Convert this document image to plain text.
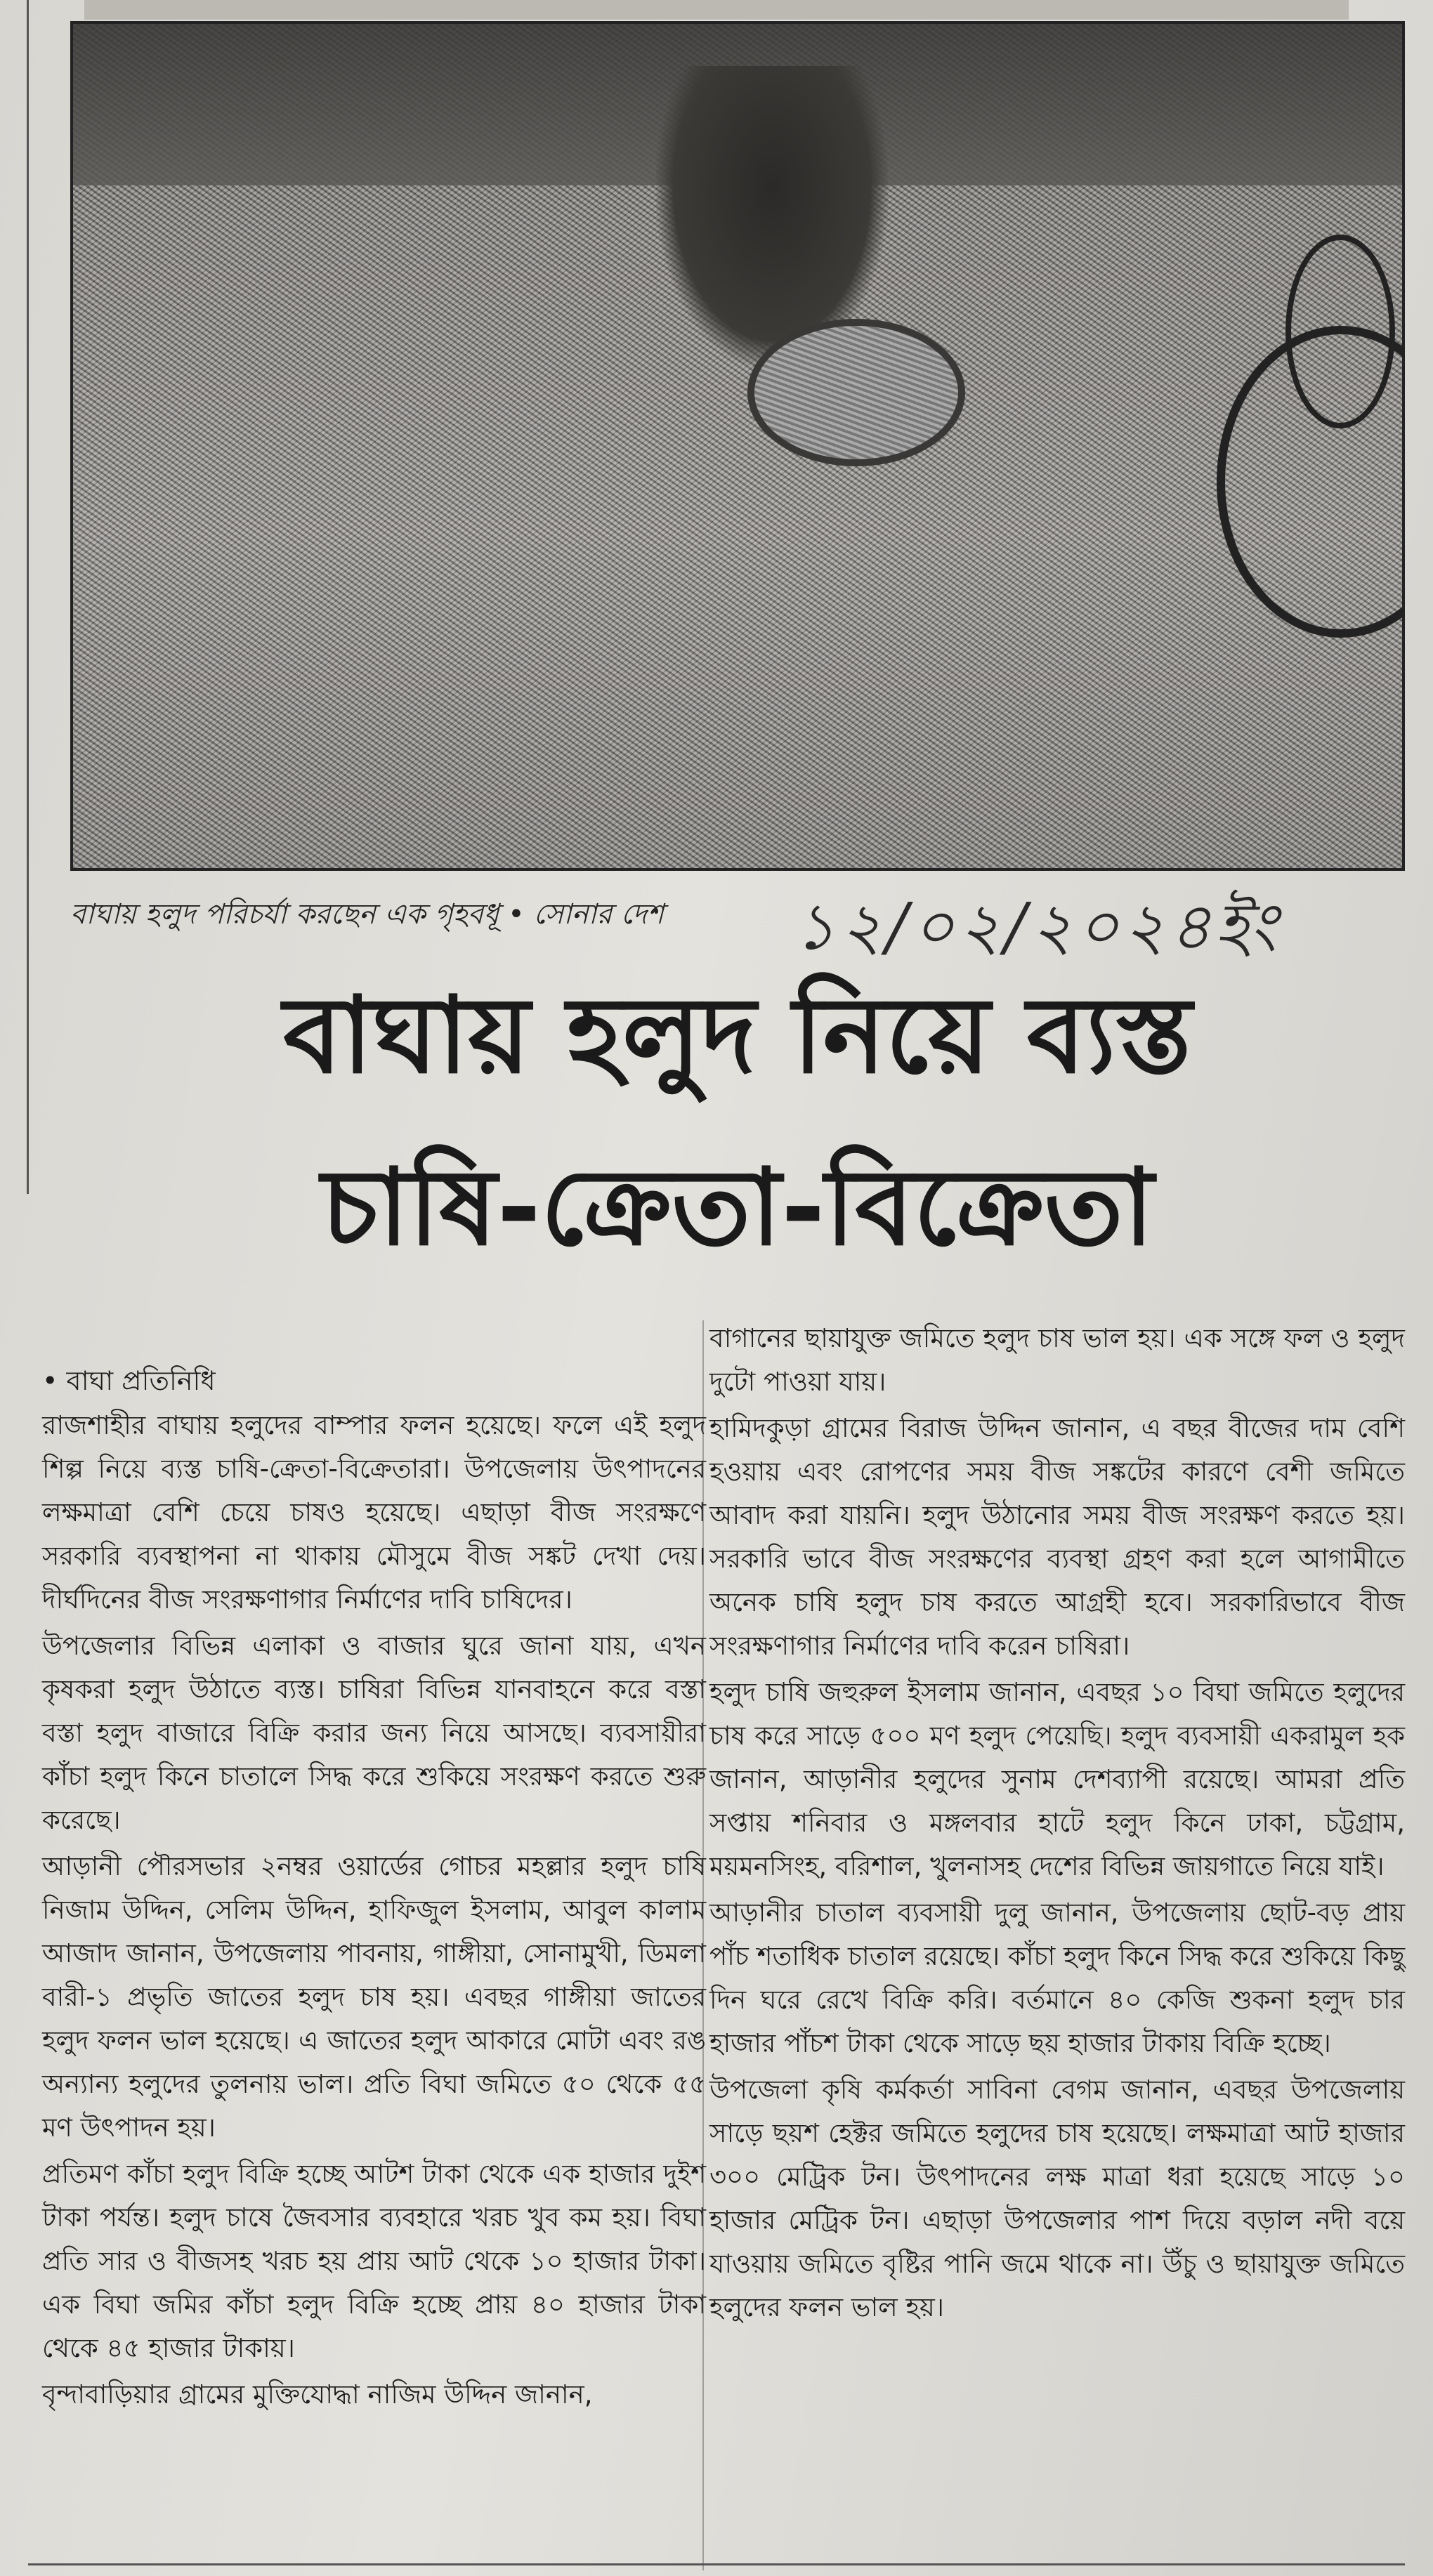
বাঘায় হলুদ পরিচর্যা করছেন এক গৃহবধূ • সোনার দেশ ১২/০২/২০২৪ইং
বাঘায় হলুদ নিয়ে ব্যস্ত
চাষি-ক্রেতা-বিক্রেতা

• বাঘা প্রতিনিধি

রাজশাহীর বাঘায় হলুদের বাম্পার ফলন হয়েছে। ফলে এই হলুদ শিল্প নিয়ে ব্যস্ত চাষি-ক্রেতা-বিক্রেতারা। উপজেলায় উৎপাদনের লক্ষমাত্রা বেশি চেয়ে চাষও হয়েছে। এছাড়া বীজ সংরক্ষণে সরকারি ব্যবস্থাপনা না থাকায় মৌসুমে বীজ সঙ্কট দেখা দেয়। দীর্ঘদিনের বীজ সংরক্ষণাগার নির্মাণের দাবি চাষিদের।

উপজেলার বিভিন্ন এলাকা ও বাজার ঘুরে জানা যায়, এখন কৃষকরা হলুদ উঠাতে ব্যস্ত। চাষিরা বিভিন্ন যানবাহনে করে বস্তা বস্তা হলুদ বাজারে বিক্রি করার জন্য নিয়ে আসছে। ব্যবসায়ীরা কাঁচা হলুদ কিনে চাতালে সিদ্ধ করে শুকিয়ে সংরক্ষণ করতে শুরু করেছে।

আড়ানী পৌরসভার ২নম্বর ওয়ার্ডের গোচর মহল্লার হলুদ চাষি নিজাম উদ্দিন, সেলিম উদ্দিন, হাফিজুল ইসলাম, আবুল কালাম আজাদ জানান, উপজেলায় পাবনায়, গাঙ্গীয়া, সোনামুখী, ডিমলা বারী-১ প্রভৃতি জাতের হলুদ চাষ হয়। এবছর গাঙ্গীয়া জাতের হলুদ ফলন ভাল হয়েছে। এ জাতের হলুদ আকারে মোটা এবং রঙ অন্যান্য হলুদের তুলনায় ভাল। প্রতি বিঘা জমিতে ৫০ থেকে ৫৫ মণ উৎপাদন হয়।

প্রতিমণ কাঁচা হলুদ বিক্রি হচ্ছে আটশ টাকা থেকে এক হাজার দুইশ টাকা পর্যন্ত। হলুদ চাষে জৈবসার ব্যবহারে খরচ খুব কম হয়। বিঘা প্রতি সার ও বীজসহ খরচ হয় প্রায় আট থেকে ১০ হাজার টাকা। এক বিঘা জমির কাঁচা হলুদ বিক্রি হচ্ছে প্রায় ৪০ হাজার টাকা থেকে ৪৫ হাজার টাকায়।

বৃন্দাবাড়িয়ার গ্রামের মুক্তিযোদ্ধা নাজিম উদ্দিন জানান,

বাগানের ছায়াযুক্ত জমিতে হলুদ চাষ ভাল হয়। এক সঙ্গে ফল ও হলুদ দুটো পাওয়া যায়।

হামিদকুড়া গ্রামের বিরাজ উদ্দিন জানান, এ বছর বীজের দাম বেশি হওয়ায় এবং রোপণের সময় বীজ সঙ্কটের কারণে বেশী জমিতে আবাদ করা যায়নি। হলুদ উঠানোর সময় বীজ সংরক্ষণ করতে হয়। সরকারি ভাবে বীজ সংরক্ষণের ব্যবস্থা গ্রহণ করা হলে আগামীতে অনেক চাষি হলুদ চাষ করতে আগ্রহী হবে। সরকারিভাবে বীজ সংরক্ষণাগার নির্মাণের দাবি করেন চাষিরা।

হলুদ চাষি জহুরুল ইসলাম জানান, এবছর ১০ বিঘা জমিতে হলুদের চাষ করে সাড়ে ৫০০ মণ হলুদ পেয়েছি। হলুদ ব্যবসায়ী একরামুল হক জানান, আড়ানীর হলুদের সুনাম দেশব্যাপী রয়েছে। আমরা প্রতি সপ্তায় শনিবার ও মঙ্গলবার হাটে হলুদ কিনে ঢাকা, চট্টগ্রাম, ময়মনসিংহ, বরিশাল, খুলনাসহ দেশের বিভিন্ন জায়গাতে নিয়ে যাই।

আড়ানীর চাতাল ব্যবসায়ী দুলু জানান, উপজেলায় ছোট-বড় প্রায় পাঁচ শতাধিক চাতাল রয়েছে। কাঁচা হলুদ কিনে সিদ্ধ করে শুকিয়ে কিছু দিন ঘরে রেখে বিক্রি করি। বর্তমানে ৪০ কেজি শুকনা হলুদ চার হাজার পাঁচশ টাকা থেকে সাড়ে ছয় হাজার টাকায় বিক্রি হচ্ছে।

উপজেলা কৃষি কর্মকর্তা সাবিনা বেগম জানান, এবছর উপজেলায় সাড়ে ছয়শ হেক্টর জমিতে হলুদের চাষ হয়েছে। লক্ষমাত্রা আট হাজার ৩০০ মেট্রিক টন। উৎপাদনের লক্ষ মাত্রা ধরা হয়েছে সাড়ে ১০ হাজার মেট্রিক টন। এছাড়া উপজেলার পাশ দিয়ে বড়াল নদী বয়ে যাওয়ায় জমিতে বৃষ্টির পানি জমে থাকে না। উঁচু ও ছায়াযুক্ত জমিতে হলুদের ফলন ভাল হয়।
